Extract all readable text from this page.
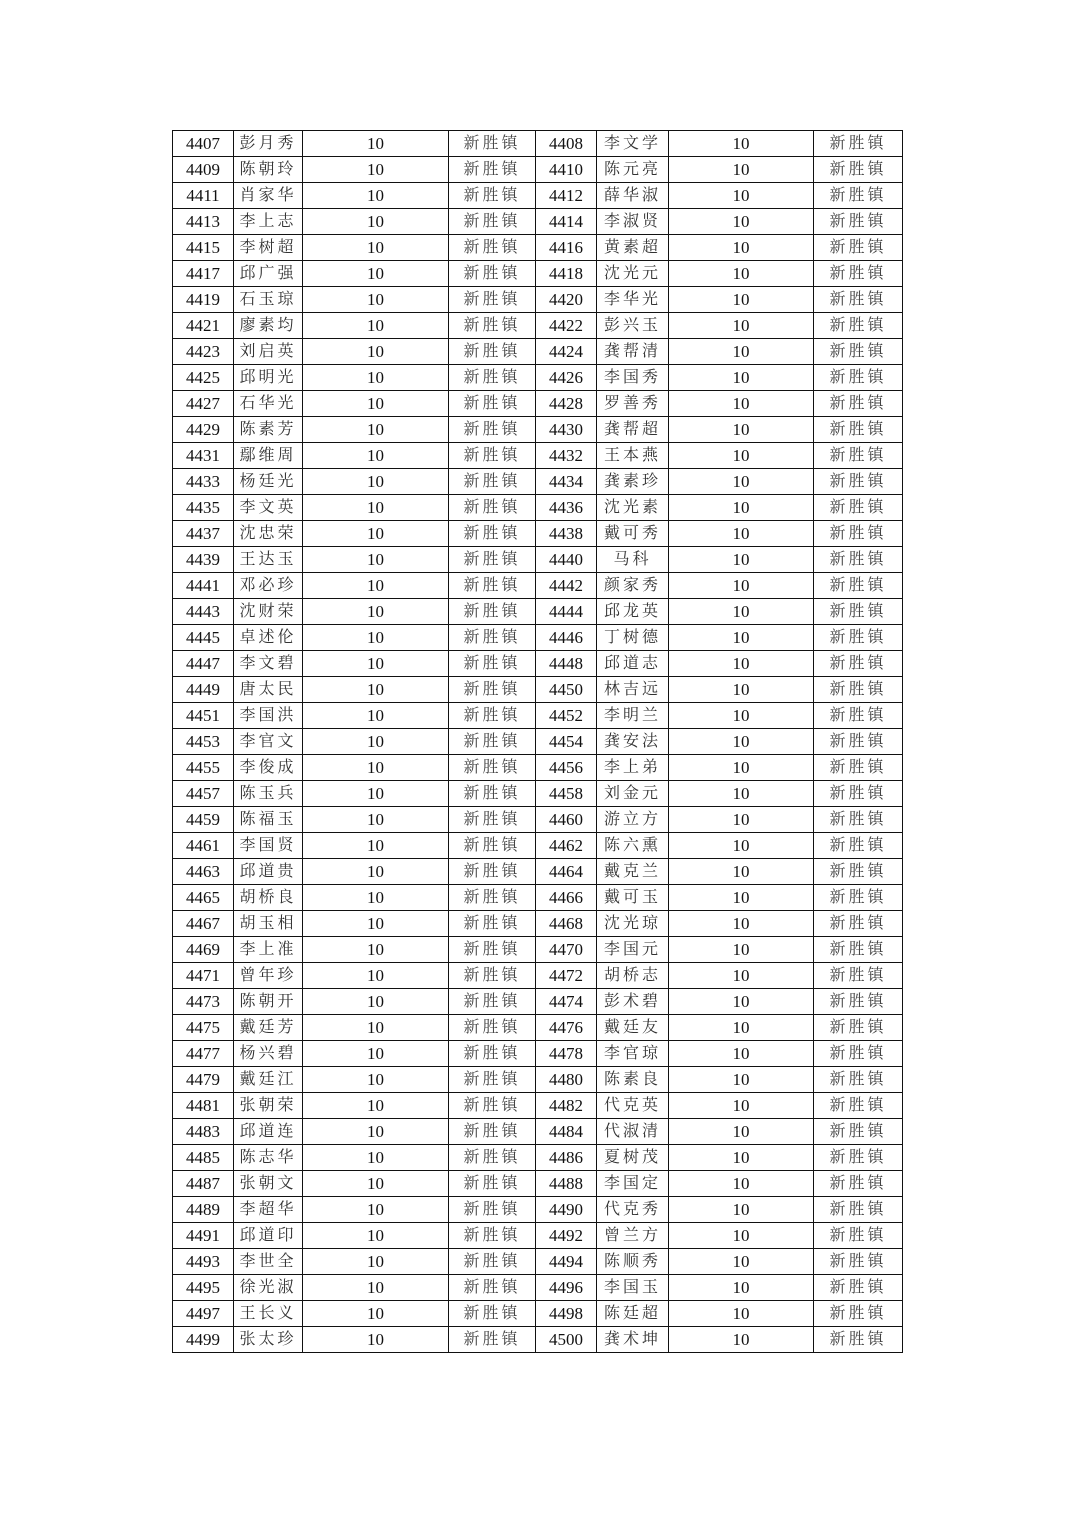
4407	彭月秀	10	新胜镇	4408	李文学	10	新胜镇
4409	陈朝玲	10	新胜镇	4410	陈元亮	10	新胜镇
4411	肖家华	10	新胜镇	4412	薛华淑	10	新胜镇
4413	李上志	10	新胜镇	4414	李淑贤	10	新胜镇
4415	李树超	10	新胜镇	4416	黄素超	10	新胜镇
4417	邱广强	10	新胜镇	4418	沈光元	10	新胜镇
4419	石玉琼	10	新胜镇	4420	李华光	10	新胜镇
4421	廖素均	10	新胜镇	4422	彭兴玉	10	新胜镇
4423	刘启英	10	新胜镇	4424	龚帮清	10	新胜镇
4425	邱明光	10	新胜镇	4426	李国秀	10	新胜镇
4427	石华光	10	新胜镇	4428	罗善秀	10	新胜镇
4429	陈素芳	10	新胜镇	4430	龚帮超	10	新胜镇
4431	鄢维周	10	新胜镇	4432	王本燕	10	新胜镇
4433	杨廷光	10	新胜镇	4434	龚素珍	10	新胜镇
4435	李文英	10	新胜镇	4436	沈光素	10	新胜镇
4437	沈忠荣	10	新胜镇	4438	戴可秀	10	新胜镇
4439	王达玉	10	新胜镇	4440	马科	10	新胜镇
4441	邓必珍	10	新胜镇	4442	颜家秀	10	新胜镇
4443	沈财荣	10	新胜镇	4444	邱龙英	10	新胜镇
4445	卓述伦	10	新胜镇	4446	丁树德	10	新胜镇
4447	李文碧	10	新胜镇	4448	邱道志	10	新胜镇
4449	唐太民	10	新胜镇	4450	林吉远	10	新胜镇
4451	李国洪	10	新胜镇	4452	李明兰	10	新胜镇
4453	李官文	10	新胜镇	4454	龚安法	10	新胜镇
4455	李俊成	10	新胜镇	4456	李上弟	10	新胜镇
4457	陈玉兵	10	新胜镇	4458	刘金元	10	新胜镇
4459	陈福玉	10	新胜镇	4460	游立方	10	新胜镇
4461	李国贤	10	新胜镇	4462	陈六熏	10	新胜镇
4463	邱道贵	10	新胜镇	4464	戴克兰	10	新胜镇
4465	胡桥良	10	新胜镇	4466	戴可玉	10	新胜镇
4467	胡玉相	10	新胜镇	4468	沈光琼	10	新胜镇
4469	李上准	10	新胜镇	4470	李国元	10	新胜镇
4471	曾年珍	10	新胜镇	4472	胡桥志	10	新胜镇
4473	陈朝开	10	新胜镇	4474	彭术碧	10	新胜镇
4475	戴廷芳	10	新胜镇	4476	戴廷友	10	新胜镇
4477	杨兴碧	10	新胜镇	4478	李官琼	10	新胜镇
4479	戴廷江	10	新胜镇	4480	陈素良	10	新胜镇
4481	张朝荣	10	新胜镇	4482	代克英	10	新胜镇
4483	邱道连	10	新胜镇	4484	代淑清	10	新胜镇
4485	陈志华	10	新胜镇	4486	夏树茂	10	新胜镇
4487	张朝文	10	新胜镇	4488	李国定	10	新胜镇
4489	李超华	10	新胜镇	4490	代克秀	10	新胜镇
4491	邱道印	10	新胜镇	4492	曾兰方	10	新胜镇
4493	李世全	10	新胜镇	4494	陈顺秀	10	新胜镇
4495	徐光淑	10	新胜镇	4496	李国玉	10	新胜镇
4497	王长义	10	新胜镇	4498	陈廷超	10	新胜镇
4499	张太珍	10	新胜镇	4500	龚术坤	10	新胜镇
